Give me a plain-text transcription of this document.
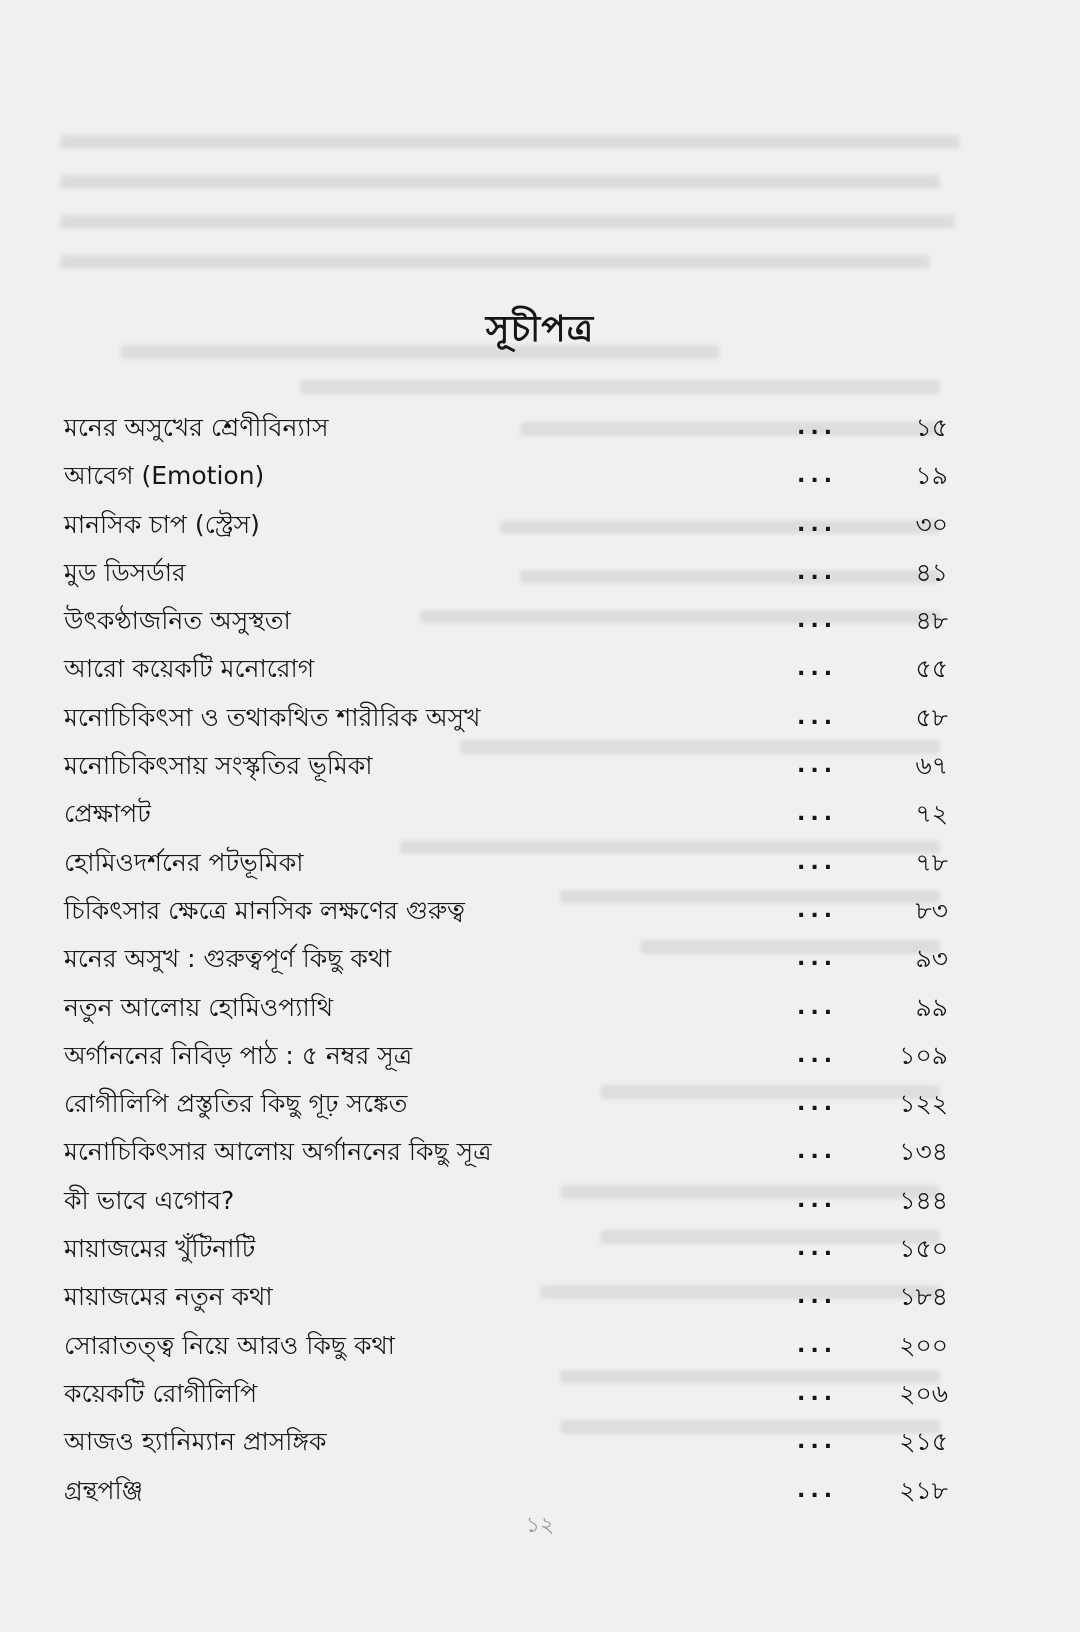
সূচীপত্র
মনের অসুখের শ্রেণীবিন্যাস	...	১৫
আবেগ (Emotion)	...	১৯
মানসিক চাপ (স্ট্রেস)	...	৩০
মুড ডিসর্ডার	...	৪১
উৎকণ্ঠাজনিত অসুস্থতা	...	৪৮
আরো কয়েকটি মনোরোগ	...	৫৫
মনোচিকিৎসা ও তথাকথিত শারীরিক অসুখ	...	৫৮
মনোচিকিৎসায় সংস্কৃতির ভূমিকা	...	৬৭
প্রেক্ষাপট	...	৭২
হোমিওদর্শনের পটভূমিকা	...	৭৮
চিকিৎসার ক্ষেত্রে মানসিক লক্ষণের গুরুত্ব	...	৮৩
মনের অসুখ : গুরুত্বপূর্ণ কিছু কথা	...	৯৩
নতুন আলোয় হোমিওপ্যাথি	...	৯৯
অর্গাননের নিবিড় পাঠ : ৫ নম্বর সূত্র	... ১০৯
রোগীলিপি প্রস্তুতির কিছু গূঢ় সঙ্কেত	... ১২২
মনোচিকিৎসার আলোয় অর্গাননের কিছু সূত্র	... ১৩৪
কী ভাবে এগোব?	... ১৪৪
মায়াজমের খুঁটিনাটি	... ১৫০
মায়াজমের নতুন কথা	... ১৮৪
সোরাতত্ত্ব নিয়ে আরও কিছু কথা	... ২০০
কয়েকটি রোগীলিপি	... ২০৬
আজও হ্যানিম্যান প্রাসঙ্গিক	... ২১৫
গ্রন্থপঞ্জি	... ২১৮
১২
